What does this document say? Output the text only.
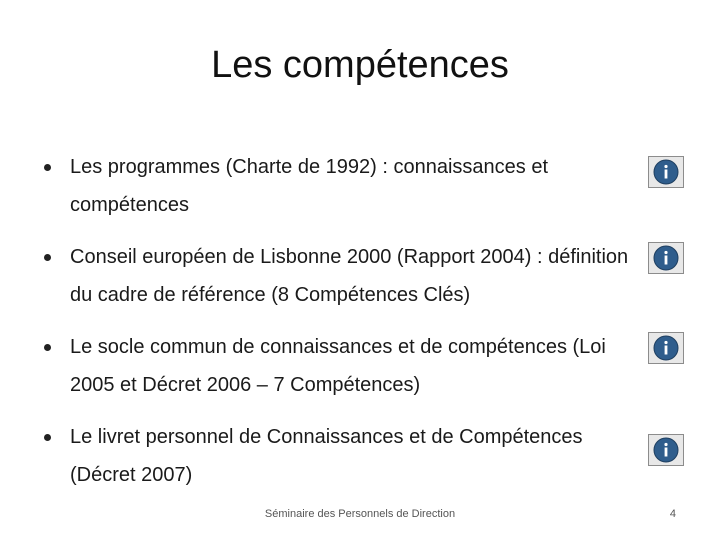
Les compétences
Les programmes (Charte de 1992) : connaissances et compétences
Conseil européen de Lisbonne 2000 (Rapport 2004) : définition du cadre de référence (8 Compétences Clés)
Le socle commun de connaissances et de compétences (Loi 2005 et Décret 2006 – 7 Compétences)
Le livret personnel de Connaissances et de Compétences (Décret 2007)
Séminaire des Personnels de Direction	4
